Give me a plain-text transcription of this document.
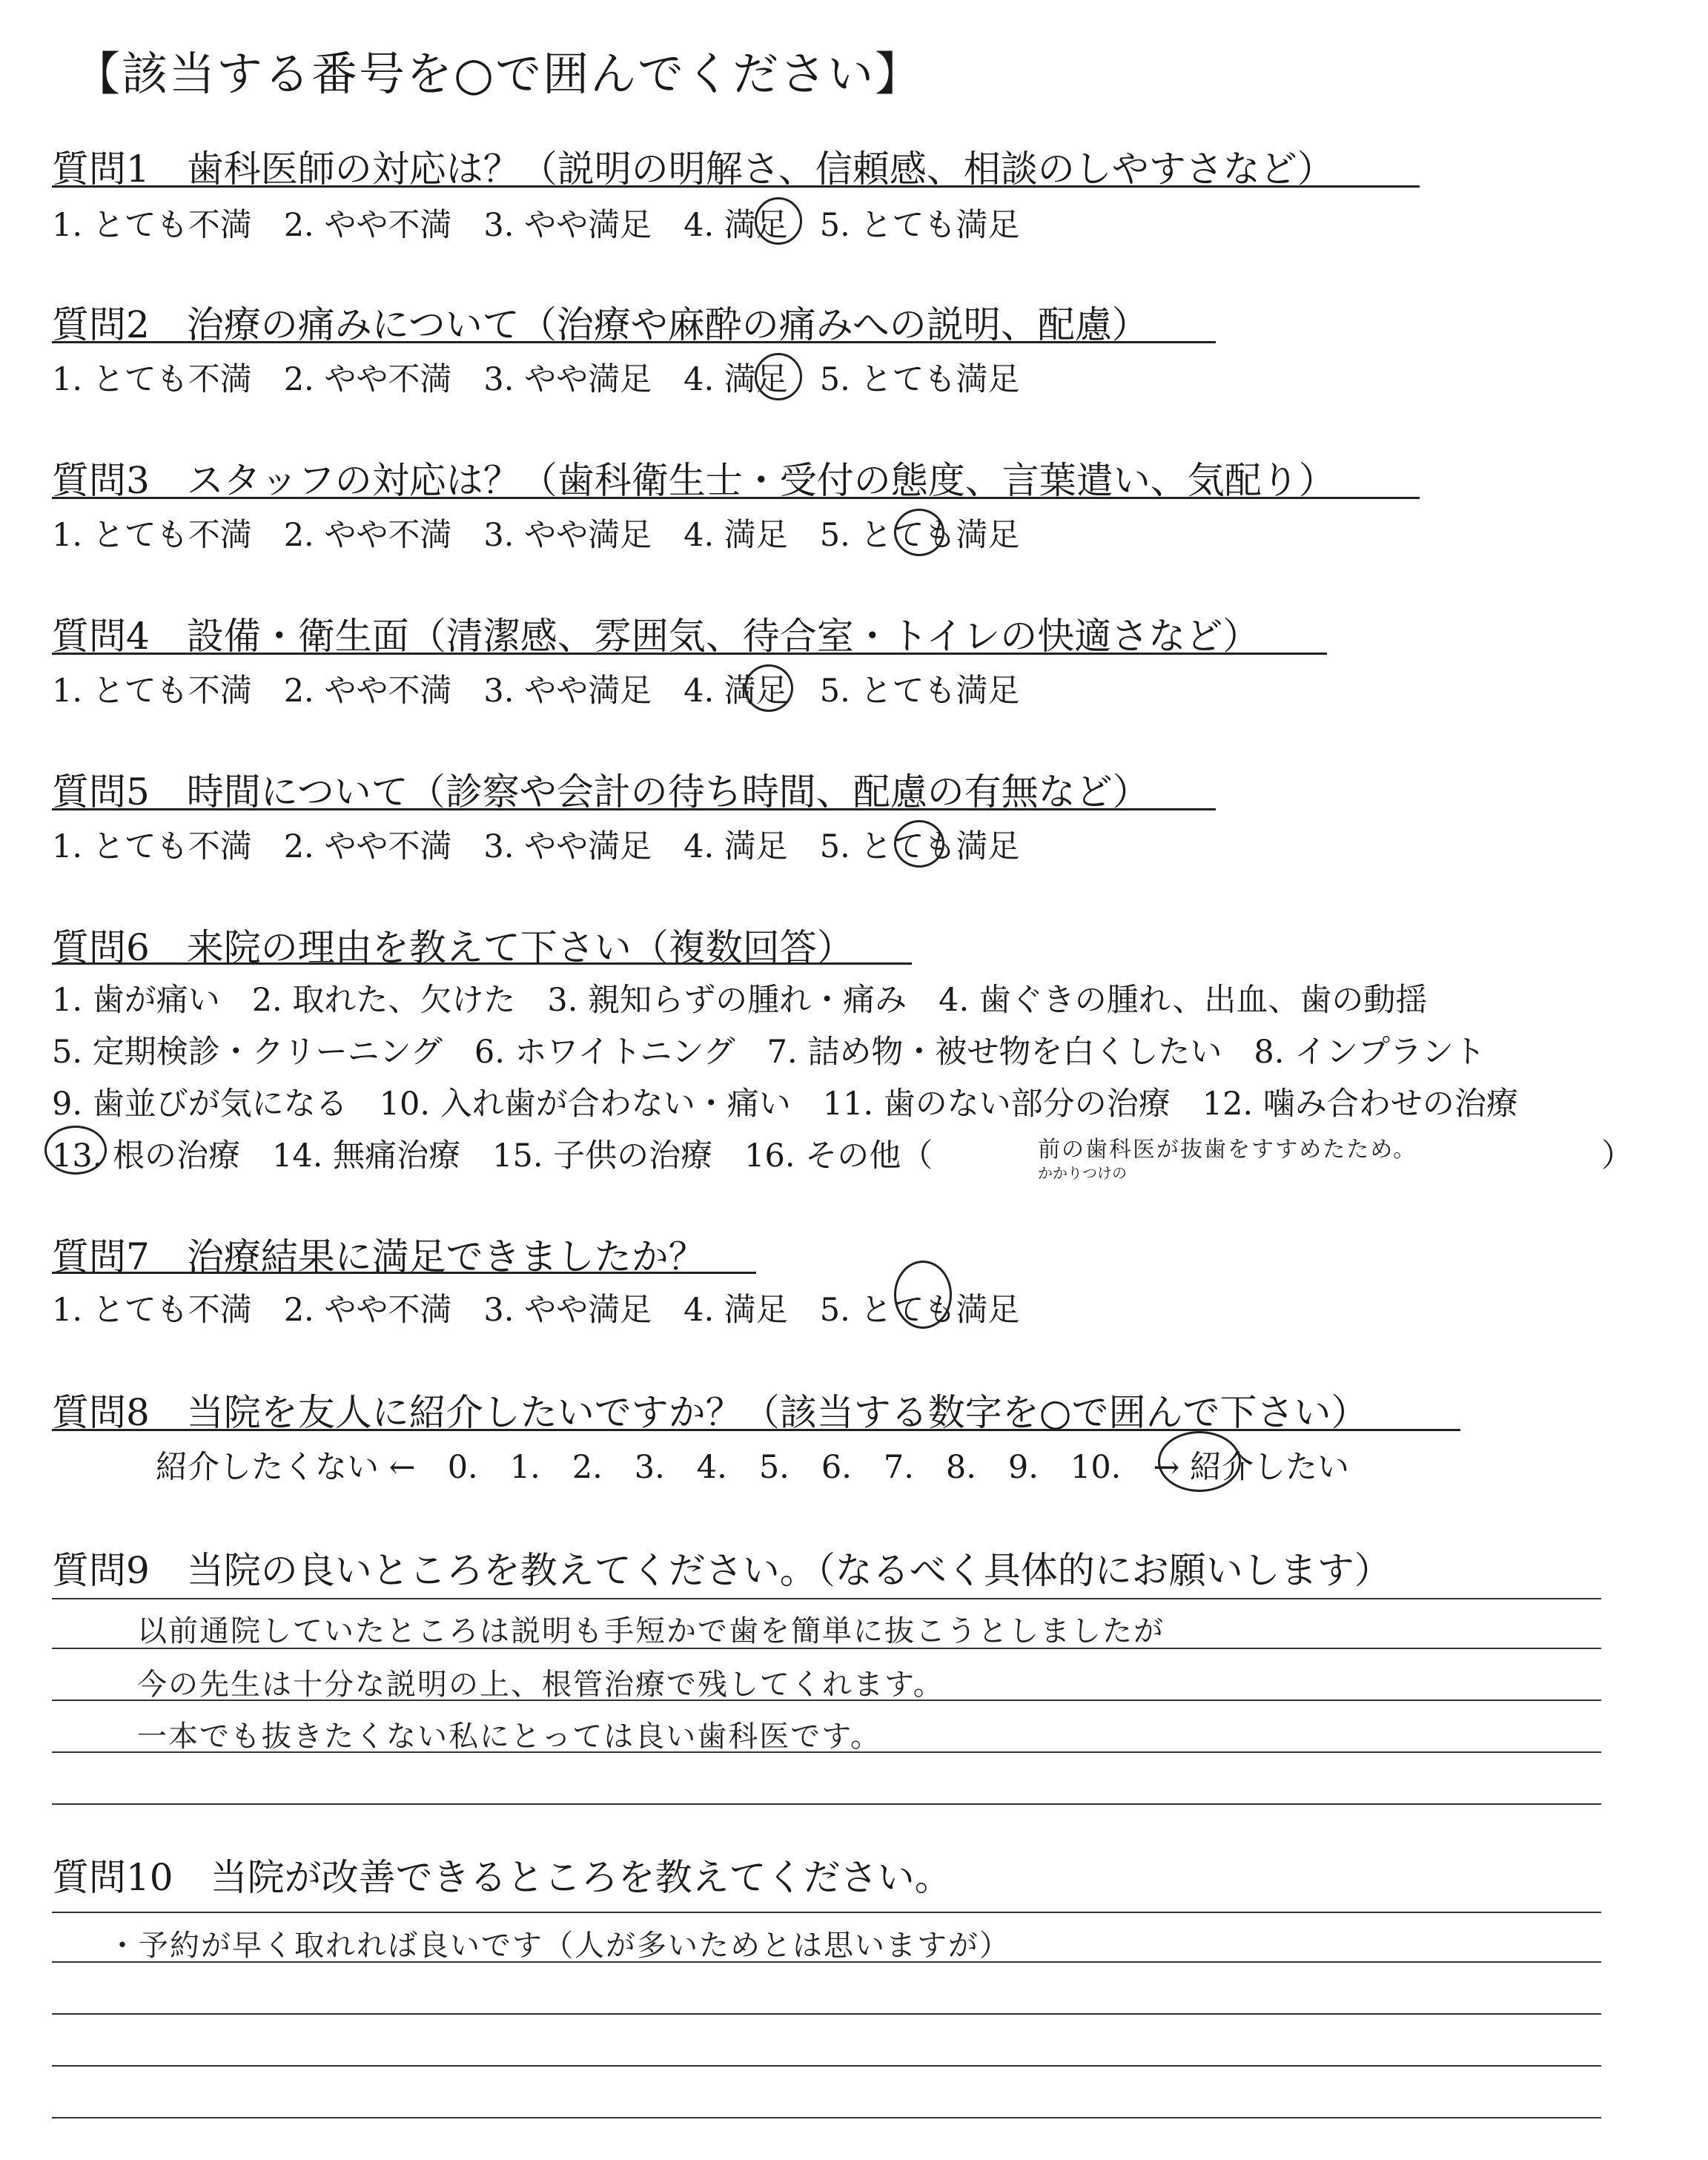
【該当する番号を○で囲んでください】
質問1　歯科医師の対応は？（説明の明解さ、信頼感、相談のしやすさなど）
1. とても不満　2. やや不満　3. やや満足　4. 満足　5. とても満足
質問2　治療の痛みについて（治療や麻酔の痛みへの説明、配慮）
1. とても不満　2. やや不満　3. やや満足　4. 満足　5. とても満足
質問3　スタッフの対応は？（歯科衛生士・受付の態度、言葉遣い、気配り）
1. とても不満　2. やや不満　3. やや満足　4. 満足　5. とても満足
質問4　設備・衛生面（清潔感、雰囲気、待合室・トイレの快適さなど）
1. とても不満　2. やや不満　3. やや満足　4. 満足　5. とても満足
質問5　時間について（診察や会計の待ち時間、配慮の有無など）
1. とても不満　2. やや不満　3. やや満足　4. 満足　5. とても満足
質問6　来院の理由を教えて下さい（複数回答）
1. 歯が痛い　2. 取れた、欠けた　3. 親知らずの腫れ・痛み　4. 歯ぐきの腫れ、出血、歯の動揺
5. 定期検診・クリーニング　6. ホワイトニング　7. 詰め物・被せ物を白くしたい　8. インプラント
9. 歯並びが気になる　10. 入れ歯が合わない・痛い　11. 歯のない部分の治療　12. 噛み合わせの治療
13. 根の治療　14. 無痛治療　15. 子供の治療　16. その他（	前の歯科医が抜歯をすすめたため。
かかりつけの	）
質問7　治療結果に満足できましたか？
1. とても不満　2. やや不満　3. やや満足　4. 満足　5. とても満足
質問8　当院を友人に紹介したいですか？（該当する数字を○で囲んで下さい）
紹介したくない ←　0.　1.　2.　3.　4.　5.　6.　7.　8.　9.　10.　→ 紹介したい
質問9　当院の良いところを教えてください。（なるべく具体的にお願いします）
以前通院していたところは説明も手短かで歯を簡単に抜こうとしましたが
今の先生は十分な説明の上、根管治療で残してくれます。
一本でも抜きたくない私にとっては良い歯科医です。
質問10　当院が改善できるところを教えてください。
・予約が早く取れれば良いです（人が多いためとは思いますが）
